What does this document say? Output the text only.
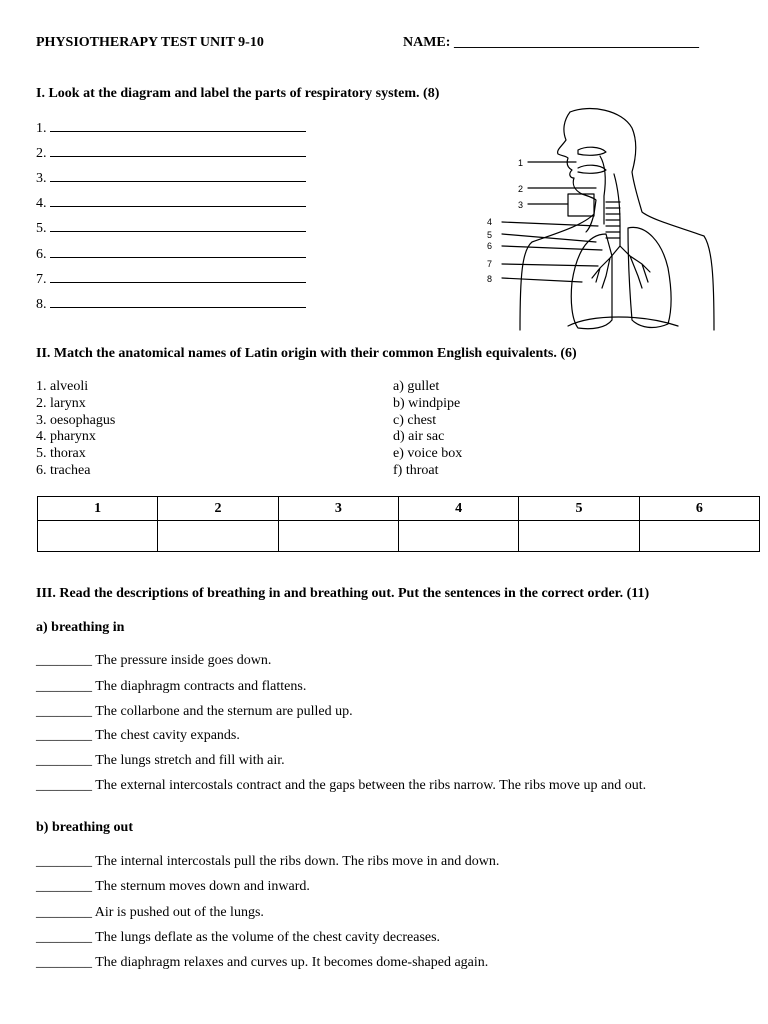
PHYSIOTHERAPY TEST UNIT 9-10	NAME: ___________________________________
I. Look at the diagram and label the parts of respiratory system. (8)
1.
2.
3.
4.
5.
6.
7.
8.
1
2
3
4
5
6
7
8
II. Match the anatomical names of Latin origin with their common English equivalents. (6)
1. alveoli
2. larynx
3. oesophagus
4. pharynx
5. thorax
6. trachea
a) gullet
b) windpipe
c) chest
d) air sac
e) voice box
f) throat
1	2	3	4	5	6

III. Read the descriptions of breathing in and breathing out. Put the sentences in the correct order. (11)
a) breathing in
________ The pressure inside goes down.
________ The diaphragm contracts and flattens.
________ The collarbone and the sternum are pulled up.
________ The chest cavity expands.
________ The lungs stretch and fill with air.
________ The external intercostals contract and the gaps between the ribs narrow. The ribs move up and out.
b) breathing out
________ The internal intercostals pull the ribs down. The ribs move in and down.
________ The sternum moves down and inward.
________ Air is pushed out of the lungs.
________ The lungs deflate as the volume of the chest cavity decreases.
________ The diaphragm relaxes and curves up. It becomes dome-shaped again.
